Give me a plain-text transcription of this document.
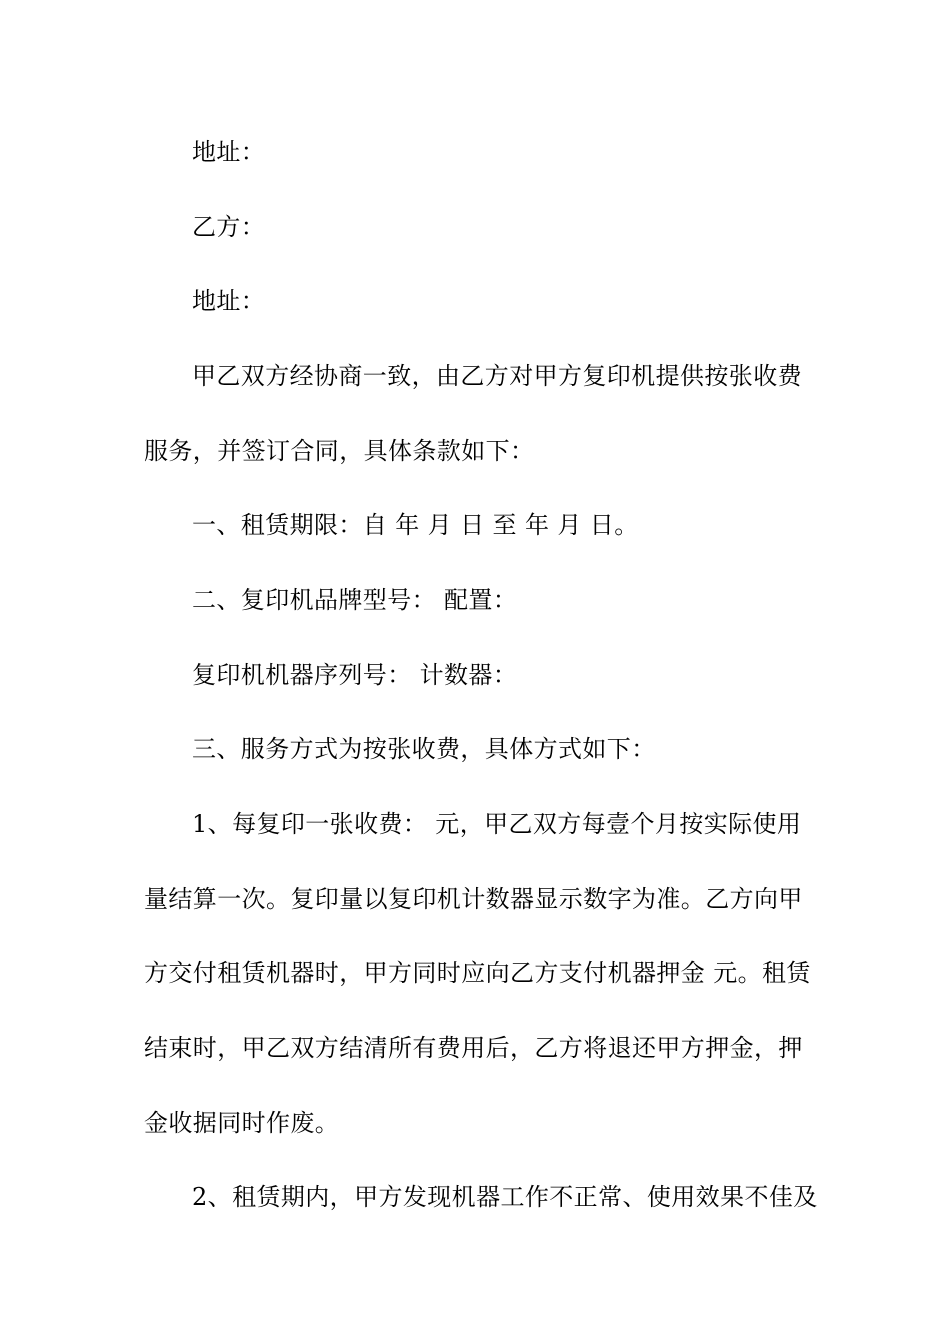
地址：
乙方：
地址：
甲乙双方经协商一致，由乙方对甲方复印机提供按张收费
服务，并签订合同，具体条款如下：
一、租赁期限：自 年 月 日 至 年 月 日。
二、复印机品牌型号： 配置：
复印机机器序列号： 计数器：
三、服务方式为按张收费，具体方式如下：
1、每复印一张收费： 元，甲乙双方每壹个月按实际使用
量结算一次。复印量以复印机计数器显示数字为准。乙方向甲
方交付租赁机器时，甲方同时应向乙方支付机器押金 元。租赁
结束时，甲乙双方结清所有费用后，乙方将退还甲方押金，押
金收据同时作废。
2、租赁期内，甲方发现机器工作不正常、使用效果不佳及
